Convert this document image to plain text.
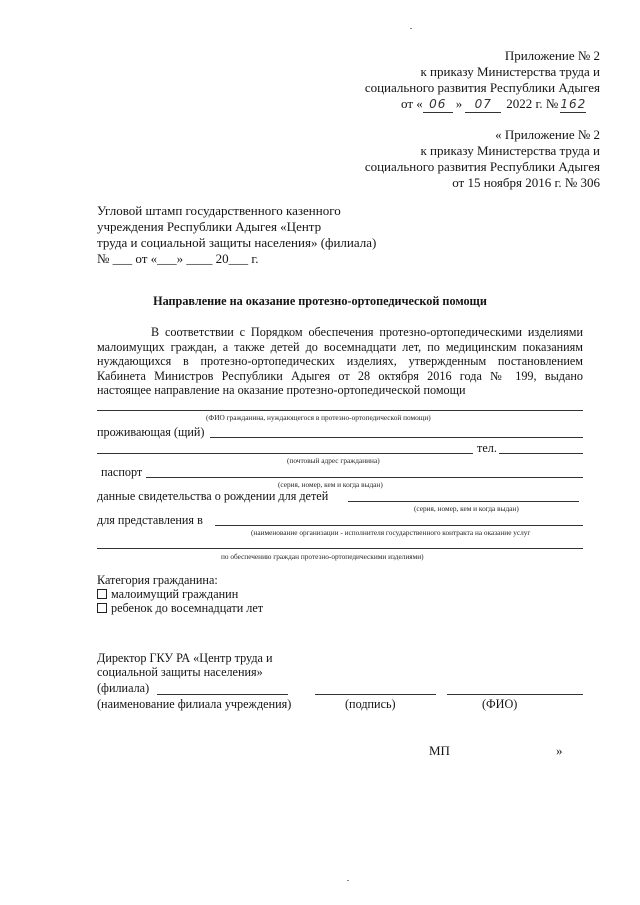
Приложение № 2
к приказу Министерства труда и
социального развития Республики Адыгея
от « 06 » 07 2022 г. № 162
« Приложение № 2
к приказу Министерства труда и
социального развития Республики Адыгея
от 15 ноября 2016 г. № 306
Угловой штамп государственного казенного
учреждения Республики Адыгея «Центр
труда и социальной защиты населения» (филиала)
№ ___ от «___» ____ 20___ г.
Направление на оказание протезно-ортопедической помощи
В соответствии с Порядком обеспечения протезно-ортопедическими изделиями
малоимущих граждан, а также детей до восемнадцати лет, по медицинским показаниям
нуждающихся в протезно-ортопедических изделиях, утвержденным постановлением
Кабинета Министров Республики Адыгея от 28 октября 2016 года № 199, выдано
настоящее направление на оказание протезно-ортопедической помощи
(ФИО гражданина, нуждающегося в протезно-ортопедической помощи)
проживающая (щий)
тел.
(почтовый адрес гражданина)
паспорт
(серия, номер, кем и когда выдан)
данные свидетельства о рождении для детей
(серия, номер, кем и когда выдан)
для представления в
(наименование организации - исполнителя государственного контракта на оказание услуг
по обеспечению граждан протезно-ортопедическими изделиями)
Категория гражданина:
малоимущий гражданин
ребенок до восемнадцати лет
Директор ГКУ РА «Центр труда и
социальной защиты населения»
(филиала)
(наименование филиала учреждения)	(подпись)	(ФИО)
МП	»
